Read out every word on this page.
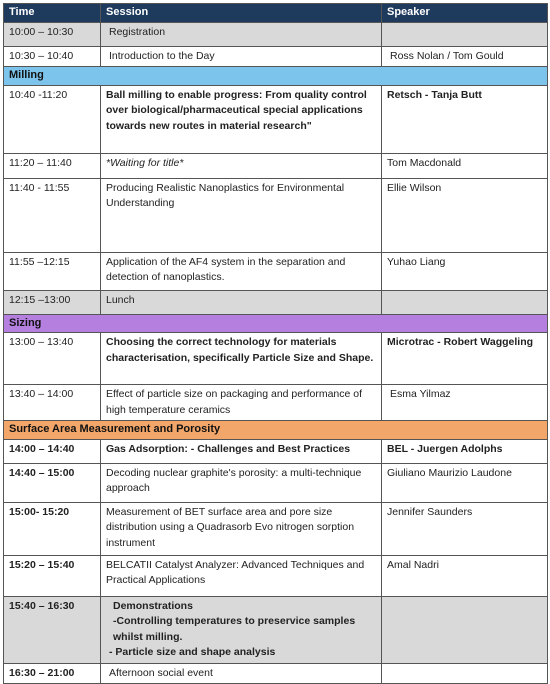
Time	Session	Speaker
10:00 – 10:30	Registration	
10:30 – 10:40	Introduction to the Day	Ross Nolan / Tom Gould
Milling		
10:40 -11:20	Ball milling to enable progress: From quality control over biological/pharmaceutical special applications towards new routes in material research"	Retsch - Tanja Butt
11:20 – 11:40	*Waiting for title*	Tom Macdonald
11:40 - 11:55	Producing Realistic Nanoplastics for Environmental Understanding	Ellie Wilson
11:55 –12:15	Application of the AF4 system in the separation and detection of nanoplastics.	Yuhao Liang
12:15 –13:00	Lunch	
Sizing		
13:00 – 13:40	Choosing the correct technology for materials characterisation, specifically Particle Size and Shape.	Microtrac - Robert Waggeling
13:40 – 14:00	Effect of particle size on packaging and performance of high temperature ceramics	Esma Yilmaz
Surface Area Measurement and Porosity		
14:00 – 14:40	Gas Adsorption: - Challenges and Best Practices	BEL - Juergen Adolphs
14:40 – 15:00	Decoding nuclear graphite's porosity: a multi-technique approach	Giuliano Maurizio Laudone
15:00- 15:20	Measurement of BET surface area and pore size distribution using a Quadrasorb Evo nitrogen sorption instrument	Jennifer Saunders
15:20 – 15:40	BELCATII Catalyst Analyzer: Advanced Techniques and Practical Applications	Amal Nadri
15:40 – 16:30	Demonstrations
-Controlling temperatures to preservice samples whilst milling.
- Particle size and shape analysis	

16:30 – 21:00	Afternoon social event	
